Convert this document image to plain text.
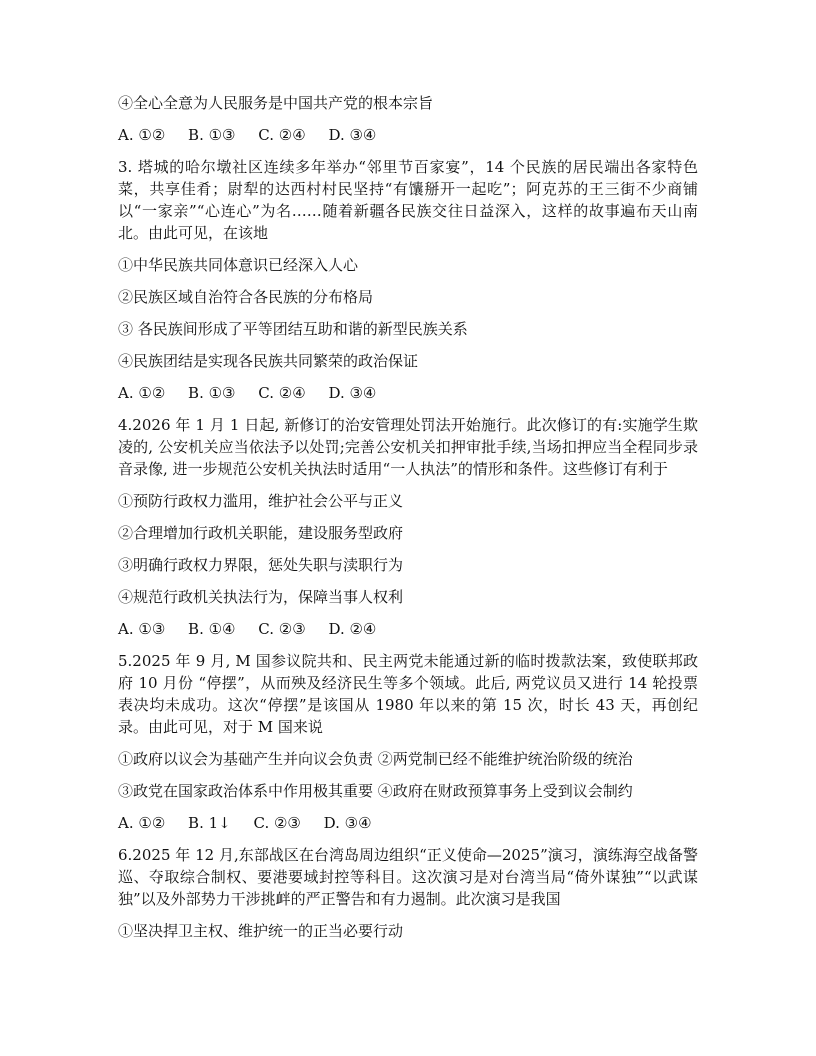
④全心全意为人民服务是中国共产党的根本宗旨
A. ①② B. ①③ C. ②④ D. ③④
3. 塔城的哈尔墩社区连续多年举办“邻里节百家宴”，14 个民族的居民端出各家特色菜，共享佳肴；尉犁的达西村村民坚持“有馕掰开一起吃”；阿克苏的王三街不少商铺以“一家亲”“心连心”为名……随着新疆各民族交往日益深入，这样的故事遍布天山南北。由此可见，在该地
①中华民族共同体意识已经深入人心
②民族区域自治符合各民族的分布格局
③ 各民族间形成了平等团结互助和谐的新型民族关系
④民族团结是实现各民族共同繁荣的政治保证
A. ①② B. ①③ C. ②④ D. ③④
4.2026 年 1 月 1 日起, 新修订的治安管理处罚法开始施行。此次修订的有:实施学生欺凌的, 公安机关应当依法予以处罚;完善公安机关扣押审批手续,当场扣押应当全程同步录音录像, 进一步规范公安机关执法时适用“一人执法”的情形和条件。这些修订有利于
①预防行政权力滥用，维护社会公平与正义
②合理增加行政机关职能，建设服务型政府
③明确行政权力界限，惩处失职与渎职行为
④规范行政机关执法行为，保障当事人权利
A. ①③ B. ①④ C. ②③ D. ②④
5.2025 年 9 月, M 国参议院共和、民主两党未能通过新的临时拨款法案，致使联邦政府 10 月份 “停摆”，从而殃及经济民生等多个领域。此后, 两党议员又进行 14 轮投票表决均未成功。这次“停摆”是该国从 1980 年以来的第 15 次，时长 43 天，再创纪录。由此可见，对于 M 国来说
①政府以议会为基础产生并向议会负责 ②两党制已经不能维护统治阶级的统治
③政党在国家政治体系中作用极其重要 ④政府在财政预算事务上受到议会制约
A. ①② B. 1↓ C. ②③ D. ③④
6.2025 年 12 月,东部战区在台湾岛周边组织“正义使命—2025”演习，演练海空战备警巡、夺取综合制权、要港要域封控等科目。这次演习是对台湾当局“倚外谋独”“以武谋独”以及外部势力干涉挑衅的严正警告和有力遏制。此次演习是我国
①坚决捍卫主权、维护统一的正当必要行动
